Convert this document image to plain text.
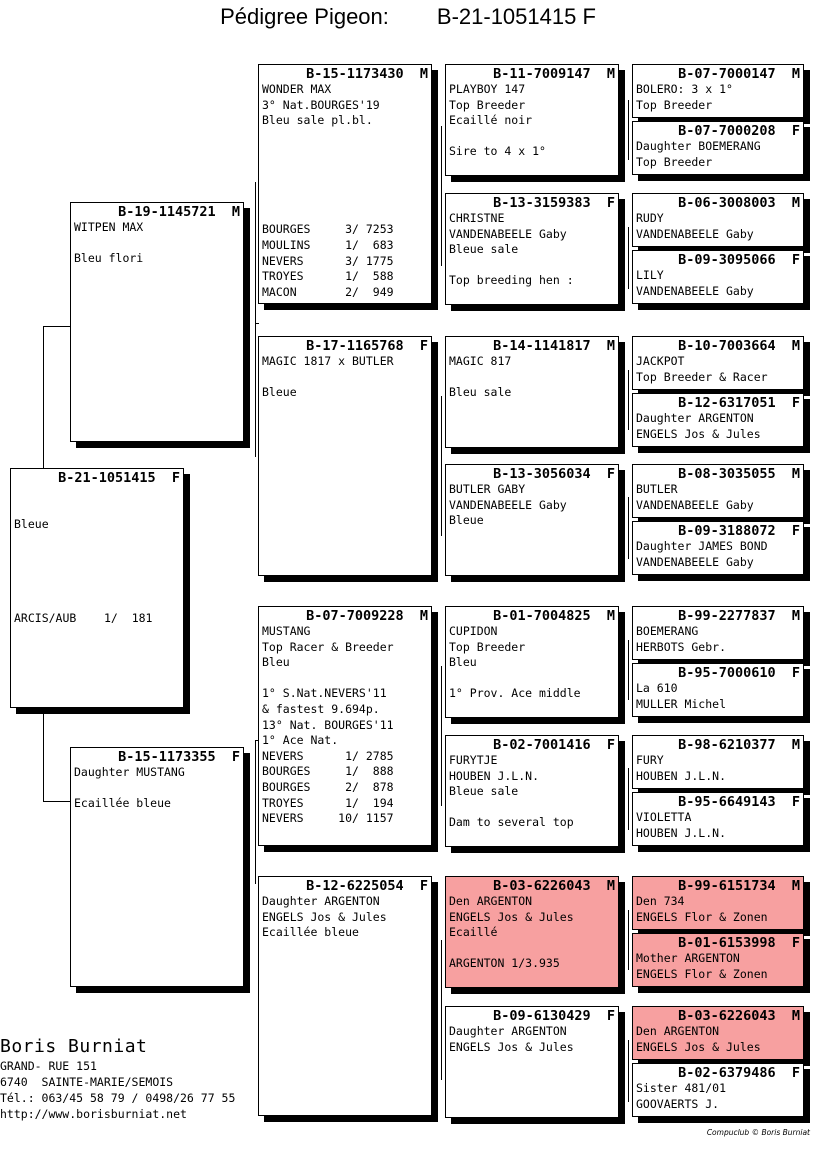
Pédigree Pigeon: B-21-1051415 F
B-21-1051415  F

Bleue

ARCIS/AUB    1/  181
B-19-1145721  M
WITPEN MAX

Bleu flori
B-15-1173355  F
Daughter MUSTANG

Ecaillée bleue
B-15-1173430  M
WONDER MAX
3° Nat.BOURGES'19
Bleu sale pl.bl.

BOURGES     3/ 7253
MOULINS     1/  683
NEVERS      3/ 1775
TROYES      1/  588
MACON       2/  949
B-17-1165768  F
MAGIC 1817 x BUTLER

Bleue
B-07-7009228  M
MUSTANG
Top Racer & Breeder
Bleu

1° S.Nat.NEVERS'11
& fastest 9.694p.
13° Nat. BOURGES'11
1° Ace Nat.
NEVERS      1/ 2785
BOURGES     1/  888
BOURGES     2/  878
TROYES      1/  194
NEVERS     10/ 1157
B-12-6225054  F
Daughter ARGENTON
ENGELS Jos & Jules
Ecaillée bleue
B-11-7009147  M
PLAYBOY 147
Top Breeder
Ecaillé noir

Sire to 4 x 1°
B-13-3159383  F
CHRISTNE
VANDENABEELE Gaby
Bleue sale

Top breeding hen :
B-14-1141817  M
MAGIC 817

Bleu sale
B-13-3056034  F
BUTLER GABY
VANDENABEELE Gaby
Bleue
B-01-7004825  M
CUPIDON
Top Breeder
Bleu

1° Prov. Ace middle
B-02-7001416  F
FURYTJE
HOUBEN J.L.N.
Bleue sale

Dam to several top
B-03-6226043  M
Den ARGENTON
ENGELS Jos & Jules
Ecaillé

ARGENTON 1/3.935
B-09-6130429  F
Daughter ARGENTON
ENGELS Jos & Jules
B-07-7000147  M
BOLERO: 3 x 1°
Top Breeder
B-07-7000208  F
Daughter BOEMERANG
Top Breeder
B-06-3008003  M
RUDY
VANDENABEELE Gaby
B-09-3095066  F
LILY
VANDENABEELE Gaby
B-10-7003664  M
JACKPOT
Top Breeder & Racer
B-12-6317051  F
Daughter ARGENTON
ENGELS Jos & Jules
B-08-3035055  M
BUTLER
VANDENABEELE Gaby
B-09-3188072  F
Daughter JAMES BOND
VANDENABEELE Gaby
B-99-2277837  M
BOEMERANG
HERBOTS Gebr.
B-95-7000610  F
La 610
MULLER Michel
B-98-6210377  M
FURY
HOUBEN J.L.N.
B-95-6649143  F
VIOLETTA
HOUBEN J.L.N.
B-99-6151734  M
Den 734
ENGELS Flor & Zonen
B-01-6153998  F
Mother ARGENTON
ENGELS Flor & Zonen
B-03-6226043  M
Den ARGENTON
ENGELS Jos & Jules
B-02-6379486  F
Sister 481/01
GOOVAERTS J.
Boris Burniat
GRAND- RUE 151
6740  SAINTE-MARIE/SEMOIS
Tél.: 063/45 58 79 / 0498/26 77 55
http://www.borisburniat.net
Compuclub © Boris Burniat
